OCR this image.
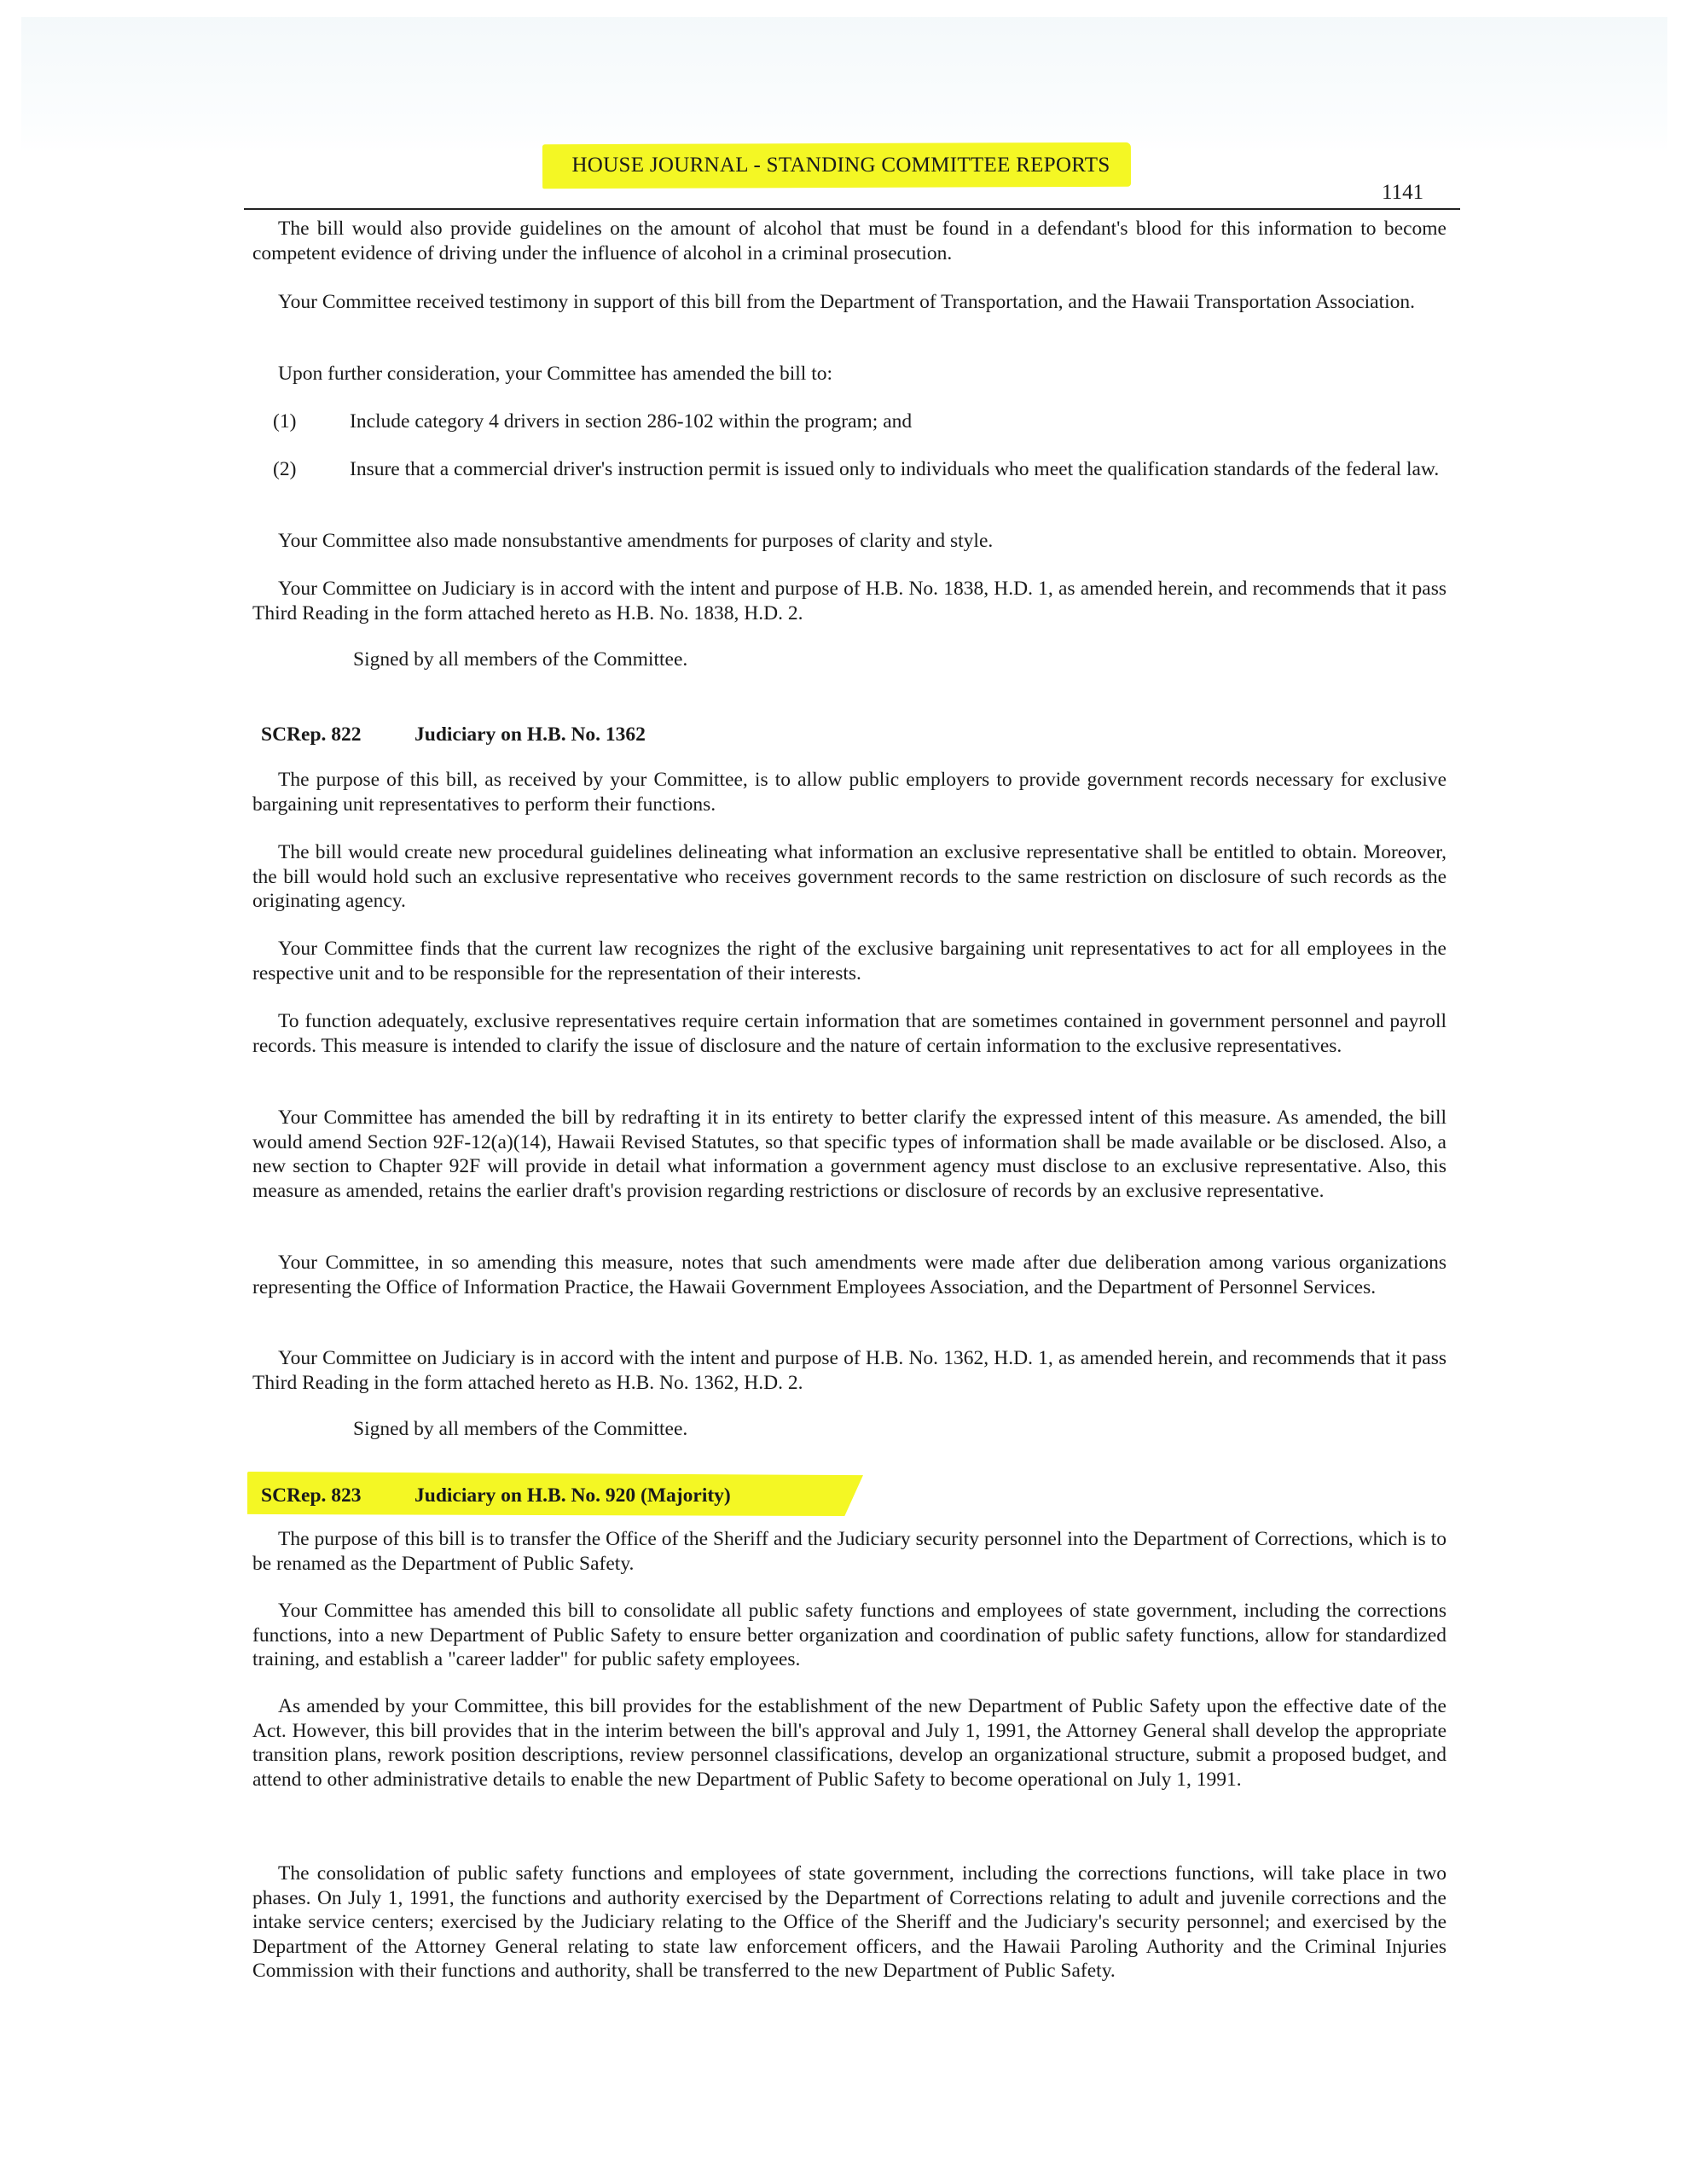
HOUSE JOURNAL - STANDING COMMITTEE REPORTS
1141

The bill would also provide guidelines on the amount of alcohol that must be found in a defendant's blood for this information to become competent evidence of driving under the influence of alcohol in a criminal prosecution.

Your Committee received testimony in support of this bill from the Department of Transportation, and the Hawaii Transportation Association.

Upon further consideration, your Committee has amended the bill to:

(1)	Include category 4 drivers in section 286-102 within the program; and
(2)	Insure that a commercial driver's instruction permit is issued only to individuals who meet the qualification standards of the federal law.

Your Committee also made nonsubstantive amendments for purposes of clarity and style.

Your Committee on Judiciary is in accord with the intent and purpose of H.B. No. 1838, H.D. 1, as amended herein, and recommends that it pass Third Reading in the form attached hereto as H.B. No. 1838, H.D. 2.

Signed by all members of the Committee.
SCRep. 822	Judiciary on H.B. No. 1362

The purpose of this bill, as received by your Committee, is to allow public employers to provide government records necessary for exclusive bargaining unit representatives to perform their functions.

The bill would create new procedural guidelines delineating what information an exclusive representative shall be entitled to obtain. Moreover, the bill would hold such an exclusive representative who receives government records to the same restriction on disclosure of such records as the originating agency.

Your Committee finds that the current law recognizes the right of the exclusive bargaining unit representatives to act for all employees in the respective unit and to be responsible for the representation of their interests.

To function adequately, exclusive representatives require certain information that are sometimes contained in government personnel and payroll records. This measure is intended to clarify the issue of disclosure and the nature of certain information to the exclusive representatives.

Your Committee has amended the bill by redrafting it in its entirety to better clarify the expressed intent of this measure. As amended, the bill would amend Section 92F-12(a)(14), Hawaii Revised Statutes, so that specific types of information shall be made available or be disclosed. Also, a new section to Chapter 92F will provide in detail what information a government agency must disclose to an exclusive representative. Also, this measure as amended, retains the earlier draft's provision regarding restrictions or disclosure of records by an exclusive representative.

Your Committee, in so amending this measure, notes that such amendments were made after due deliberation among various organizations representing the Office of Information Practice, the Hawaii Government Employees Association, and the Department of Personnel Services.

Your Committee on Judiciary is in accord with the intent and purpose of H.B. No. 1362, H.D. 1, as amended herein, and recommends that it pass Third Reading in the form attached hereto as H.B. No. 1362, H.D. 2.

Signed by all members of the Committee.
SCRep. 823	Judiciary on H.B. No. 920 (Majority)

The purpose of this bill is to transfer the Office of the Sheriff and the Judiciary security personnel into the Department of Corrections, which is to be renamed as the Department of Public Safety.

Your Committee has amended this bill to consolidate all public safety functions and employees of state government, including the corrections functions, into a new Department of Public Safety to ensure better organization and coordination of public safety functions, allow for standardized training, and establish a "career ladder" for public safety employees.

As amended by your Committee, this bill provides for the establishment of the new Department of Public Safety upon the effective date of the Act. However, this bill provides that in the interim between the bill's approval and July 1, 1991, the Attorney General shall develop the appropriate transition plans, rework position descriptions, review personnel classifications, develop an organizational structure, submit a proposed budget, and attend to other administrative details to enable the new Department of Public Safety to become operational on July 1, 1991.

The consolidation of public safety functions and employees of state government, including the corrections functions, will take place in two phases. On July 1, 1991, the functions and authority exercised by the Department of Corrections relating to adult and juvenile corrections and the intake service centers; exercised by the Judiciary relating to the Office of the Sheriff and the Judiciary's security personnel; and exercised by the Department of the Attorney General relating to state law enforcement officers, and the Hawaii Paroling Authority and the Criminal Injuries Commission with their functions and authority, shall be transferred to the new Department of Public Safety.
